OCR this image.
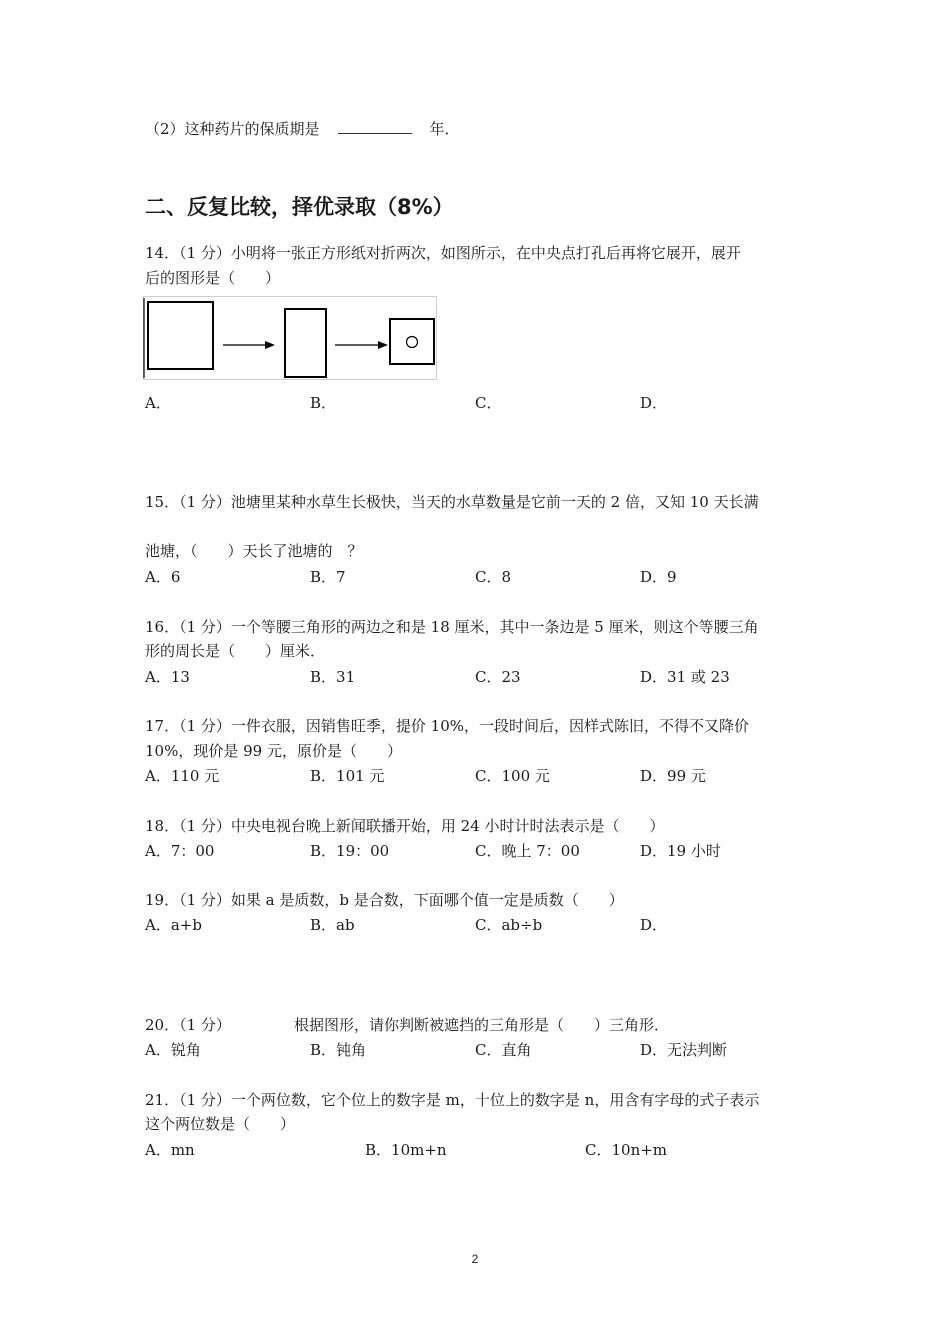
（2）这种药片的保质期是	年．
二、反复比较，择优录取（8%）
14．（1 分）小明将一张正方形纸对折两次，如图所示，在中央点打孔后再将它展开，展开
后的图形是（　　）
A．	B．	C．	D．
15．（1 分）池塘里某种水草生长极快，当天的水草数量是它前一天的 2 倍，又知 10 天长满
池塘，（　　）天长了池塘的　？
A．6	B．7	C．8	D．9
16．（1 分）一个等腰三角形的两边之和是 18 厘米，其中一条边是 5 厘米，则这个等腰三角
形的周长是（　　）厘米．
A．13	B．31	C．23	D．31 或 23
17．（1 分）一件衣服，因销售旺季，提价 10%，一段时间后，因样式陈旧，不得不又降价
10%，现价是 99 元，原价是（　　）
A．110 元	B．101 元	C．100 元	D．99 元
18．（1 分）中央电视台晚上新闻联播开始，用 24 小时计时法表示是（　　）
A．7：00	B．19：00	C．晚上 7：00	D．19 小时
19．（1 分）如果 a 是质数，b 是合数，下面哪个值一定是质数（　　）
A．a+b	B．ab	C．ab÷b	D．
20．（1 分）	根据图形，请你判断被遮挡的三角形是（　　）三角形．
A．锐角	B．钝角	C．直角	D．无法判断
21．（1 分）一个两位数，它个位上的数字是 m，十位上的数字是 n，用含有字母的式子表示
这个两位数是（　　）
A．mn	B．10m+n	C．10n+m
2
